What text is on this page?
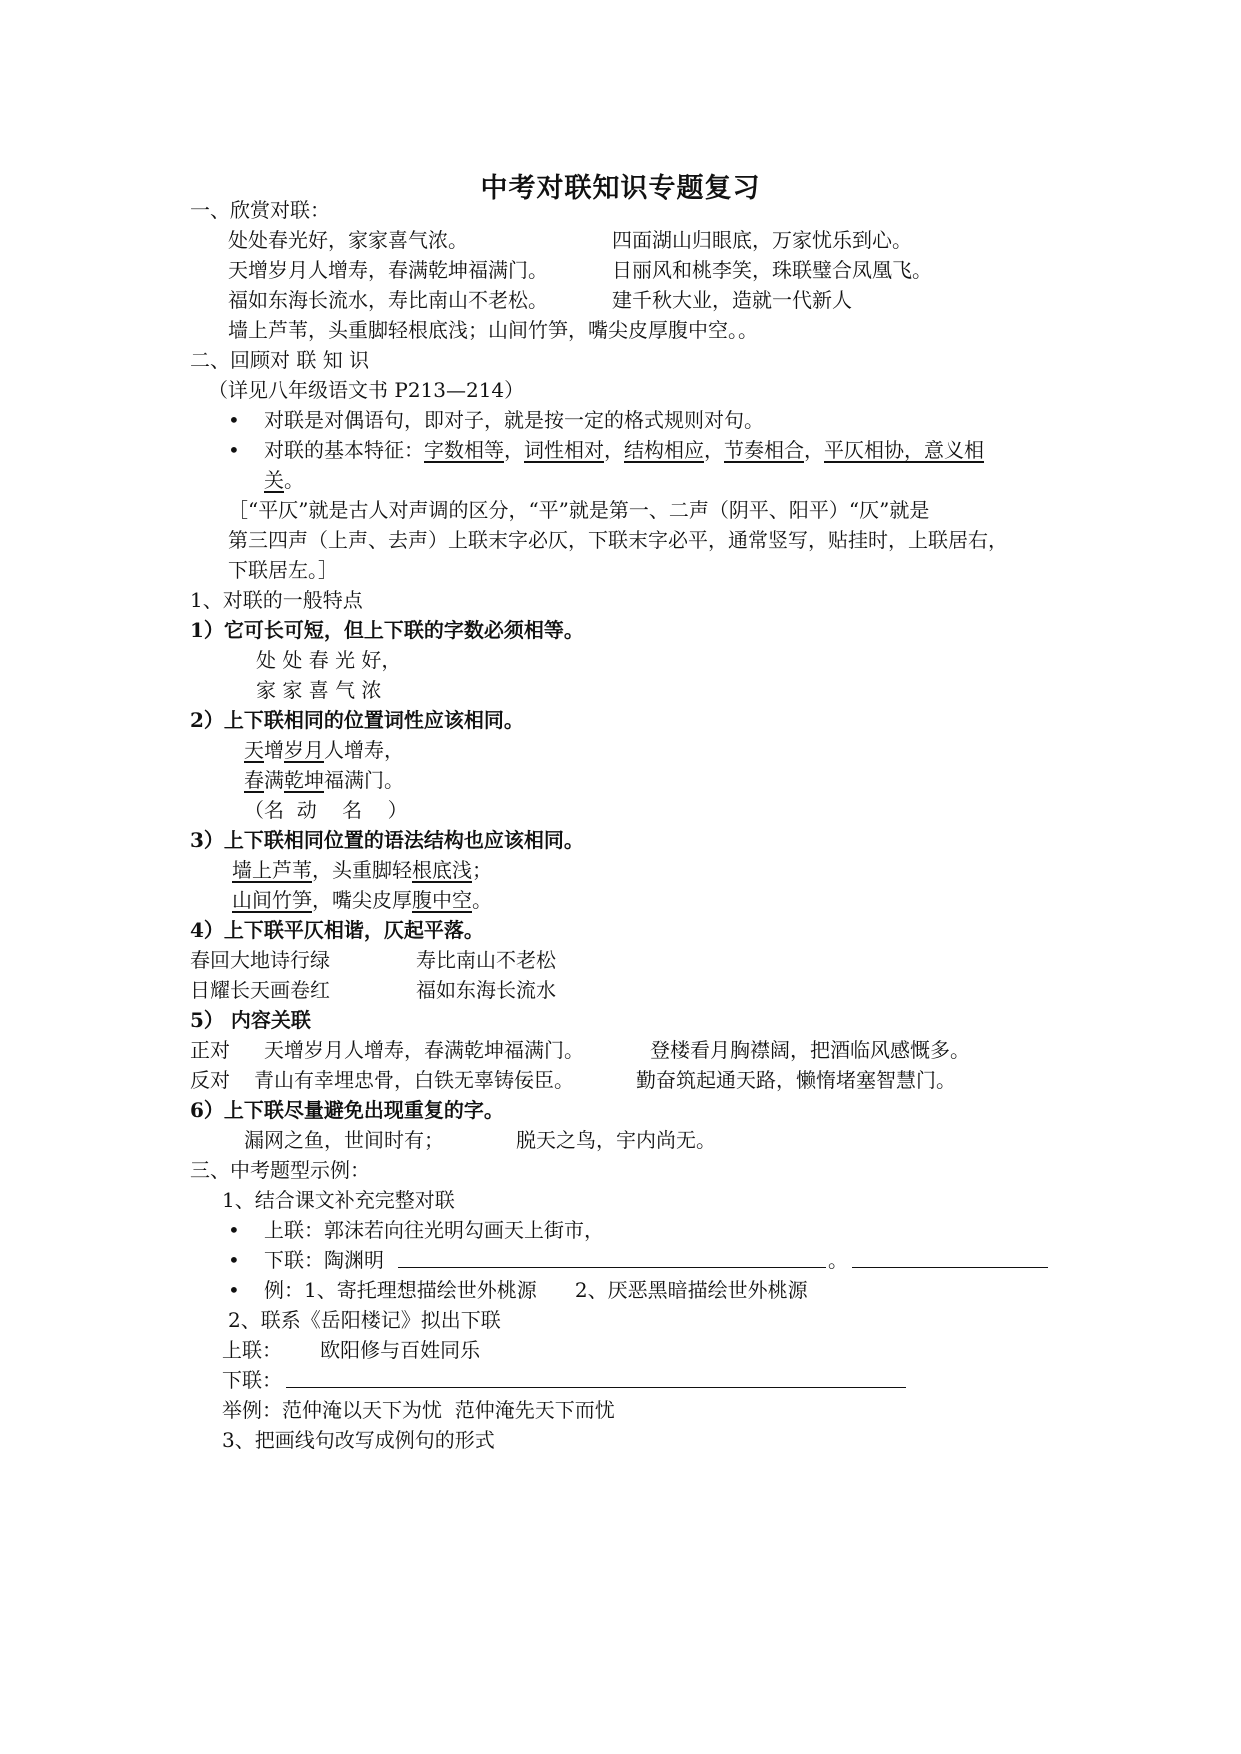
中考对联知识专题复习
一、欣赏对联：
处处春光好，家家喜气浓。	四面湖山归眼底，万家忧乐到心。
天增岁月人增寿，春满乾坤福满门。	日丽风和桃李笑，珠联璧合凤凰飞。
福如东海长流水，寿比南山不老松。	建千秋大业，造就一代新人
墙上芦苇，头重脚轻根底浅；山间竹笋，嘴尖皮厚腹中空。。
二、回顾对 联 知 识
（详见八年级语文书 P213—214）
• 对联是对偶语句，即对子，就是按一定的格式规则对句。
• 对联的基本特征：字数相等，词性相对，结构相应，节奏相合，平仄相协，意义相
关。
［“平仄”就是古人对声调的区分，“平”就是第一、二声（阴平、阳平）“仄”就是
第三四声（上声、去声）上联末字必仄，下联末字必平，通常竖写，贴挂时，上联居右，
下联居左。］
1、对联的一般特点
1）它可长可短，但上下联的字数必须相等。
处 处 春 光 好，
家 家 喜 气 浓
2）上下联相同的位置词性应该相同。
天增岁月人增寿，
春满乾坤福满门。
（名  动    名    ）
3）上下联相同位置的语法结构也应该相同。
墙上芦苇，头重脚轻根底浅；
山间竹笋，嘴尖皮厚腹中空。
4）上下联平仄相谐，仄起平落。
春回大地诗行绿	寿比南山不老松
日耀长天画卷红	福如东海长流水
5） 内容关联
正对 天增岁月人增寿，春满乾坤福满门。	登楼看月胸襟阔，把酒临风感慨多。
反对 青山有幸埋忠骨，白铁无辜铸佞臣。	勤奋筑起通天路，懒惰堵塞智慧门。
6）上下联尽量避免出现重复的字。
漏网之鱼，世间时有；	脱天之鸟，宇内尚无。
三、中考题型示例：
1、结合课文补充完整对联
• 上联：郭沫若向往光明勾画天上街市，
• 下联：陶渊明	。
• 例：1、寄托理想描绘世外桃源      2、厌恶黑暗描绘世外桃源
2、联系《岳阳楼记》拟出下联
上联：      欧阳修与百姓同乐
下联：
举例：范仲淹以天下为忧  范仲淹先天下而忧
3、把画线句改写成例句的形式
